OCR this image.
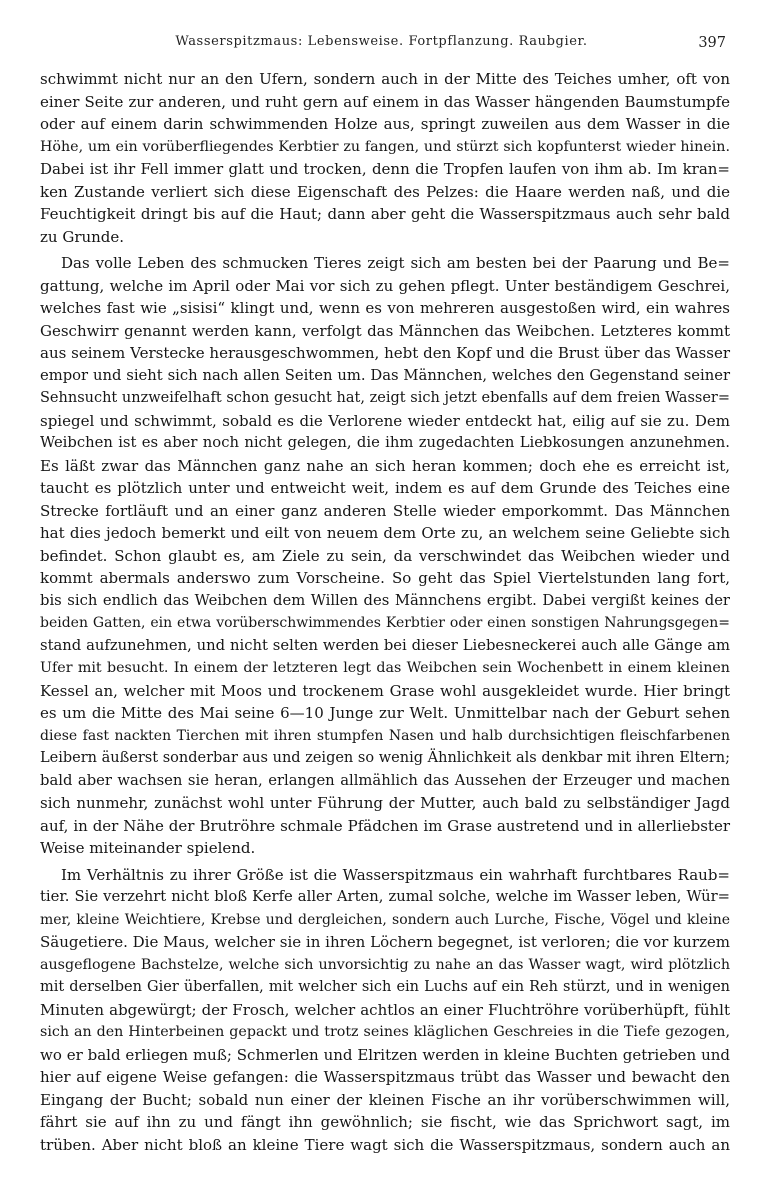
Wasserspitzmaus: Lebensweise. Fortpflanzung. Raubgier.	397
schwimmt nicht nur an den Ufern, sondern auch in der Mitte des Teiches umher, oft von
einer Seite zur anderen, und ruht gern auf einem in das Wasser hängenden Baumstumpfe
oder auf einem darin schwimmenden Holze aus, springt zuweilen aus dem Wasser in die
Höhe, um ein vorüberfliegendes Kerbtier zu fangen, und stürzt sich kopfunterst wieder hinein.
Dabei ist ihr Fell immer glatt und trocken, denn die Tropfen laufen von ihm ab. Im kran=
ken Zustande verliert sich diese Eigenschaft des Pelzes: die Haare werden naß, und die
Feuchtigkeit dringt bis auf die Haut; dann aber geht die Wasserspitzmaus auch sehr bald
zu Grunde.
Das volle Leben des schmucken Tieres zeigt sich am besten bei der Paarung und Be=
gattung, welche im April oder Mai vor sich zu gehen pflegt. Unter beständigem Geschrei,
welches fast wie „sisisi“ klingt und, wenn es von mehreren ausgestoßen wird, ein wahres
Geschwirr genannt werden kann, verfolgt das Männchen das Weibchen. Letzteres kommt
aus seinem Verstecke herausgeschwommen, hebt den Kopf und die Brust über das Wasser
empor und sieht sich nach allen Seiten um. Das Männchen, welches den Gegenstand seiner
Sehnsucht unzweifelhaft schon gesucht hat, zeigt sich jetzt ebenfalls auf dem freien Wasser=
spiegel und schwimmt, sobald es die Verlorene wieder entdeckt hat, eilig auf sie zu. Dem
Weibchen ist es aber noch nicht gelegen, die ihm zugedachten Liebkosungen anzunehmen.
Es läßt zwar das Männchen ganz nahe an sich heran kommen; doch ehe es erreicht ist,
taucht es plötzlich unter und entweicht weit, indem es auf dem Grunde des Teiches eine
Strecke fortläuft und an einer ganz anderen Stelle wieder emporkommt. Das Männchen
hat dies jedoch bemerkt und eilt von neuem dem Orte zu, an welchem seine Geliebte sich
befindet. Schon glaubt es, am Ziele zu sein, da verschwindet das Weibchen wieder und
kommt abermals anderswo zum Vorscheine. So geht das Spiel Viertelstunden lang fort,
bis sich endlich das Weibchen dem Willen des Männchens ergibt. Dabei vergißt keines der
beiden Gatten, ein etwa vorüberschwimmendes Kerbtier oder einen sonstigen Nahrungsgegen=
stand aufzunehmen, und nicht selten werden bei dieser Liebesneckerei auch alle Gänge am
Ufer mit besucht. In einem der letzteren legt das Weibchen sein Wochenbett in einem kleinen
Kessel an, welcher mit Moos und trockenem Grase wohl ausgekleidet wurde. Hier bringt
es um die Mitte des Mai seine 6—10 Junge zur Welt. Unmittelbar nach der Geburt sehen
diese fast nackten Tierchen mit ihren stumpfen Nasen und halb durchsichtigen fleischfarbenen
Leibern äußerst sonderbar aus und zeigen so wenig Ähnlichkeit als denkbar mit ihren Eltern;
bald aber wachsen sie heran, erlangen allmählich das Aussehen der Erzeuger und machen
sich nunmehr, zunächst wohl unter Führung der Mutter, auch bald zu selbständiger Jagd
auf, in der Nähe der Brutröhre schmale Pfädchen im Grase austretend und in allerliebster
Weise miteinander spielend.
Im Verhältnis zu ihrer Größe ist die Wasserspitzmaus ein wahrhaft furchtbares Raub=
tier. Sie verzehrt nicht bloß Kerfe aller Arten, zumal solche, welche im Wasser leben, Wür=
mer, kleine Weichtiere, Krebse und dergleichen, sondern auch Lurche, Fische, Vögel und kleine
Säugetiere. Die Maus, welcher sie in ihren Löchern begegnet, ist verloren; die vor kurzem
ausgeflogene Bachstelze, welche sich unvorsichtig zu nahe an das Wasser wagt, wird plötzlich
mit derselben Gier überfallen, mit welcher sich ein Luchs auf ein Reh stürzt, und in wenigen
Minuten abgewürgt; der Frosch, welcher achtlos an einer Fluchtröhre vorüberhüpft, fühlt
sich an den Hinterbeinen gepackt und trotz seines kläglichen Geschreies in die Tiefe gezogen,
wo er bald erliegen muß; Schmerlen und Elritzen werden in kleine Buchten getrieben und
hier auf eigene Weise gefangen: die Wasserspitzmaus trübt das Wasser und bewacht den
Eingang der Bucht; sobald nun einer der kleinen Fische an ihr vorüberschwimmen will,
fährt sie auf ihn zu und fängt ihn gewöhnlich; sie fischt, wie das Sprichwort sagt, im
trüben. Aber nicht bloß an kleine Tiere wagt sich die Wasserspitzmaus, sondern auch an
